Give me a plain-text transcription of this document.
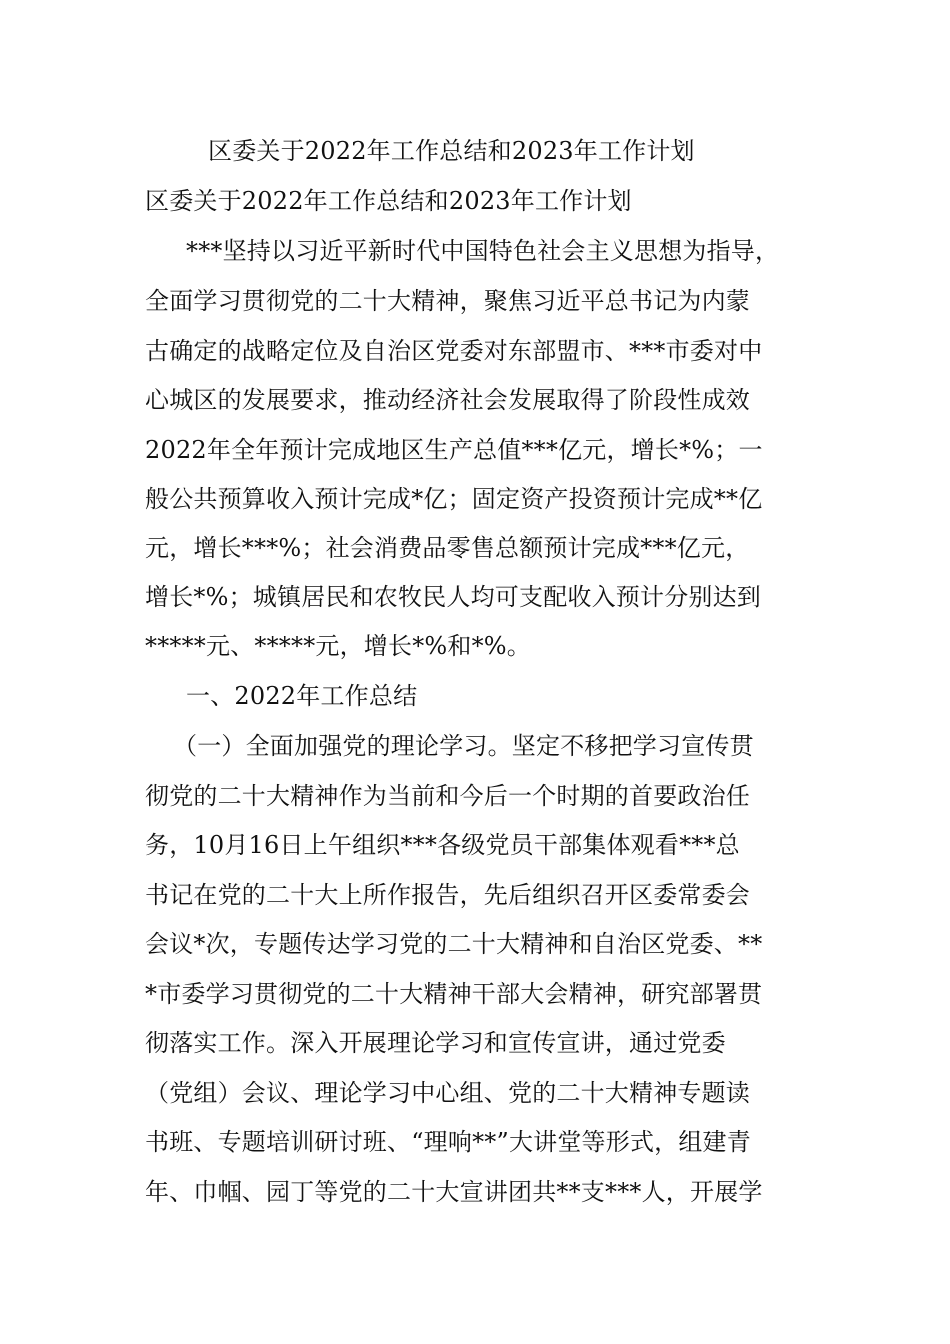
区委关于2022年工作总结和2023年工作计划
区委关于2022年工作总结和2023年工作计划
***坚持以习近平新时代中国特色社会主义思想为指导，
全面学习贯彻党的二十大精神，聚焦习近平总书记为内蒙
古确定的战略定位及自治区党委对东部盟市、***市委对中
心城区的发展要求，推动经济社会发展取得了阶段性成效
2022年全年预计完成地区生产总值***亿元，增长*%；一
般公共预算收入预计完成*亿；固定资产投资预计完成**亿
元，增长***%；社会消费品零售总额预计完成***亿元，
增长*%；城镇居民和农牧民人均可支配收入预计分别达到
*****元、*****元，增长*%和*%。
一、2022年工作总结
（一）全面加强党的理论学习。坚定不移把学习宣传贯
彻党的二十大精神作为当前和今后一个时期的首要政治任
务，10月16日上午组织***各级党员干部集体观看***总
书记在党的二十大上所作报告，先后组织召开区委常委会
会议*次，专题传达学习党的二十大精神和自治区党委、**
*市委学习贯彻党的二十大精神干部大会精神，研究部署贯
彻落实工作。深入开展理论学习和宣传宣讲，通过党委
（党组）会议、理论学习中心组、党的二十大精神专题读
书班、专题培训研讨班、“理响**”大讲堂等形式，组建青
年、巾帼、园丁等党的二十大宣讲团共**支***人，开展学
